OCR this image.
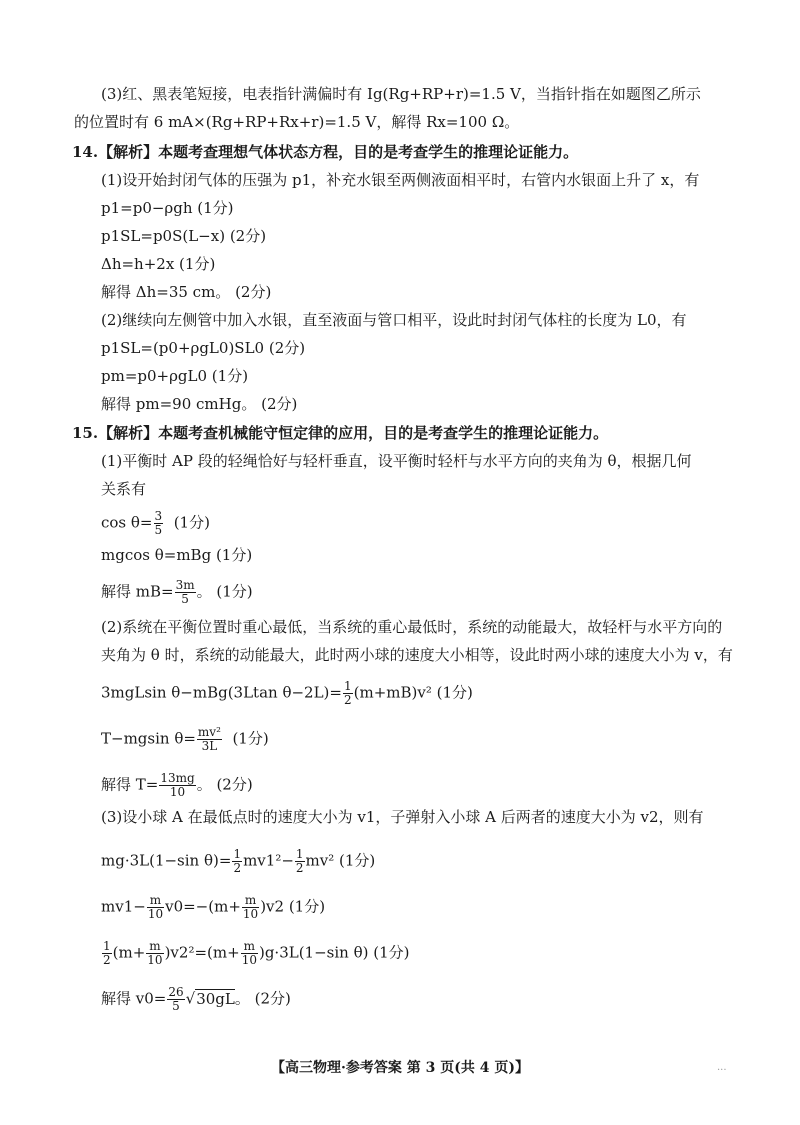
(3)红、黑表笔短接，电表指针满偏时有 Ig(Rg+RP+r)=1.5 V，当指针指在如题图乙所示
的位置时有 6 mA×(Rg+RP+Rx+r)=1.5 V，解得 Rx=100 Ω。
14.【解析】本题考查理想气体状态方程，目的是考查学生的推理论证能力。
(1)设开始封闭气体的压强为 p1，补充水银至两侧液面相平时，右管内水银面上升了 x，有
p1=p0−ρgh (1分)
p1SL=p0S(L−x) (2分)
Δh=h+2x (1分)
解得 Δh=35 cm。 (2分)
(2)继续向左侧管中加入水银，直至液面与管口相平，设此时封闭气体柱的长度为 L0，有
p1SL=(p0+ρgL0)SL0 (2分)
pm=p0+ρgL0 (1分)
解得 pm=90 cmHg。 (2分)
15.【解析】本题考查机械能守恒定律的应用，目的是考查学生的推理论证能力。
(1)平衡时 AP 段的轻绳恰好与轻杆垂直，设平衡时轻杆与水平方向的夹角为 θ，根据几何
关系有
$\cos \theta= \frac{3}{5} (1$分)
mgcos θ=mBg (1分)
解得 $mB= \frac{3m}{5}$ 。 (1分)
(2)系统在平衡位置时重心最低，当系统的重心最低时，系统的动能最大，故轻杆与水平方向的
夹角为 θ 时，系统的动能最大，此时两小球的速度大小相等，设此时两小球的速度大小为 v，有
3mgLsin θ−mBg(3Ltan $\theta-2L)= \frac{1}{2} (m+mB)v^2$ (1分)
T−mgsin $\theta= \frac{\text{mv²}}{3L} (1$分)
解得 $T= \frac{13mg}{10}$ 。 (2分)
(3)设小球 A 在最低点时的速度大小为 v1，子弹射入小球 A 后两者的速度大小为 v2，则有
mg·3L(1−sin $\theta)= \frac{1}{2} mv1^2- \frac{1}{2} mv^2$ (1分)
$mv1- \frac{m}{10} v0=-(m+ \frac{m}{10} )v2$ (1分)
$\frac{1}{2} (m+ \frac{m}{10} )v2^2=(m+ \frac{m}{10} )g\cdot 3L(1-\sin$ θ) (1分)
解得 $v0= \frac{26}{5} √30gL$。 (2分)
【高三物理·参考答案 第 3 页(共 4 页)】	...
